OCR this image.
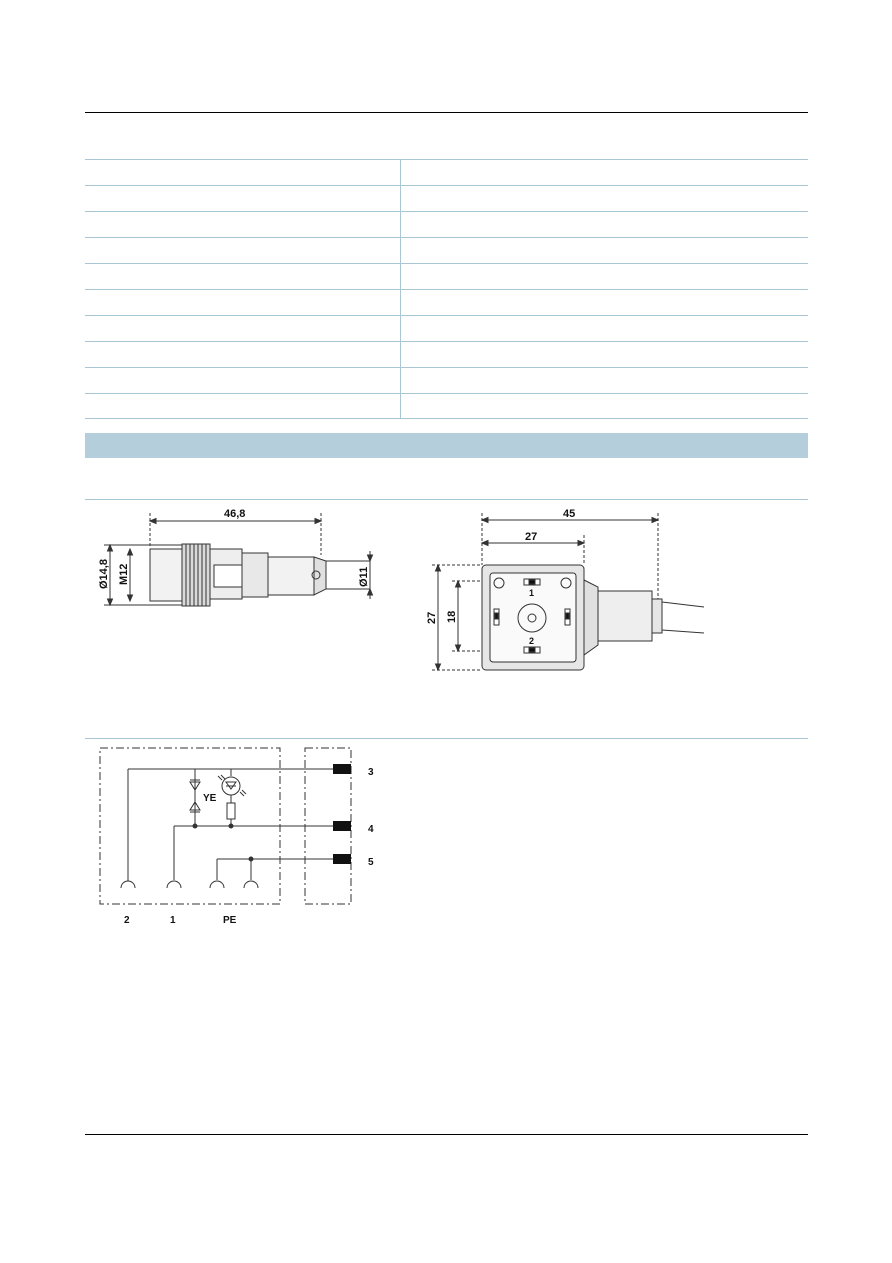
46,8
Ø14,8 M12	Ø11
45
27
27 18
1
2
3
4
5
YE
2	1	PE
